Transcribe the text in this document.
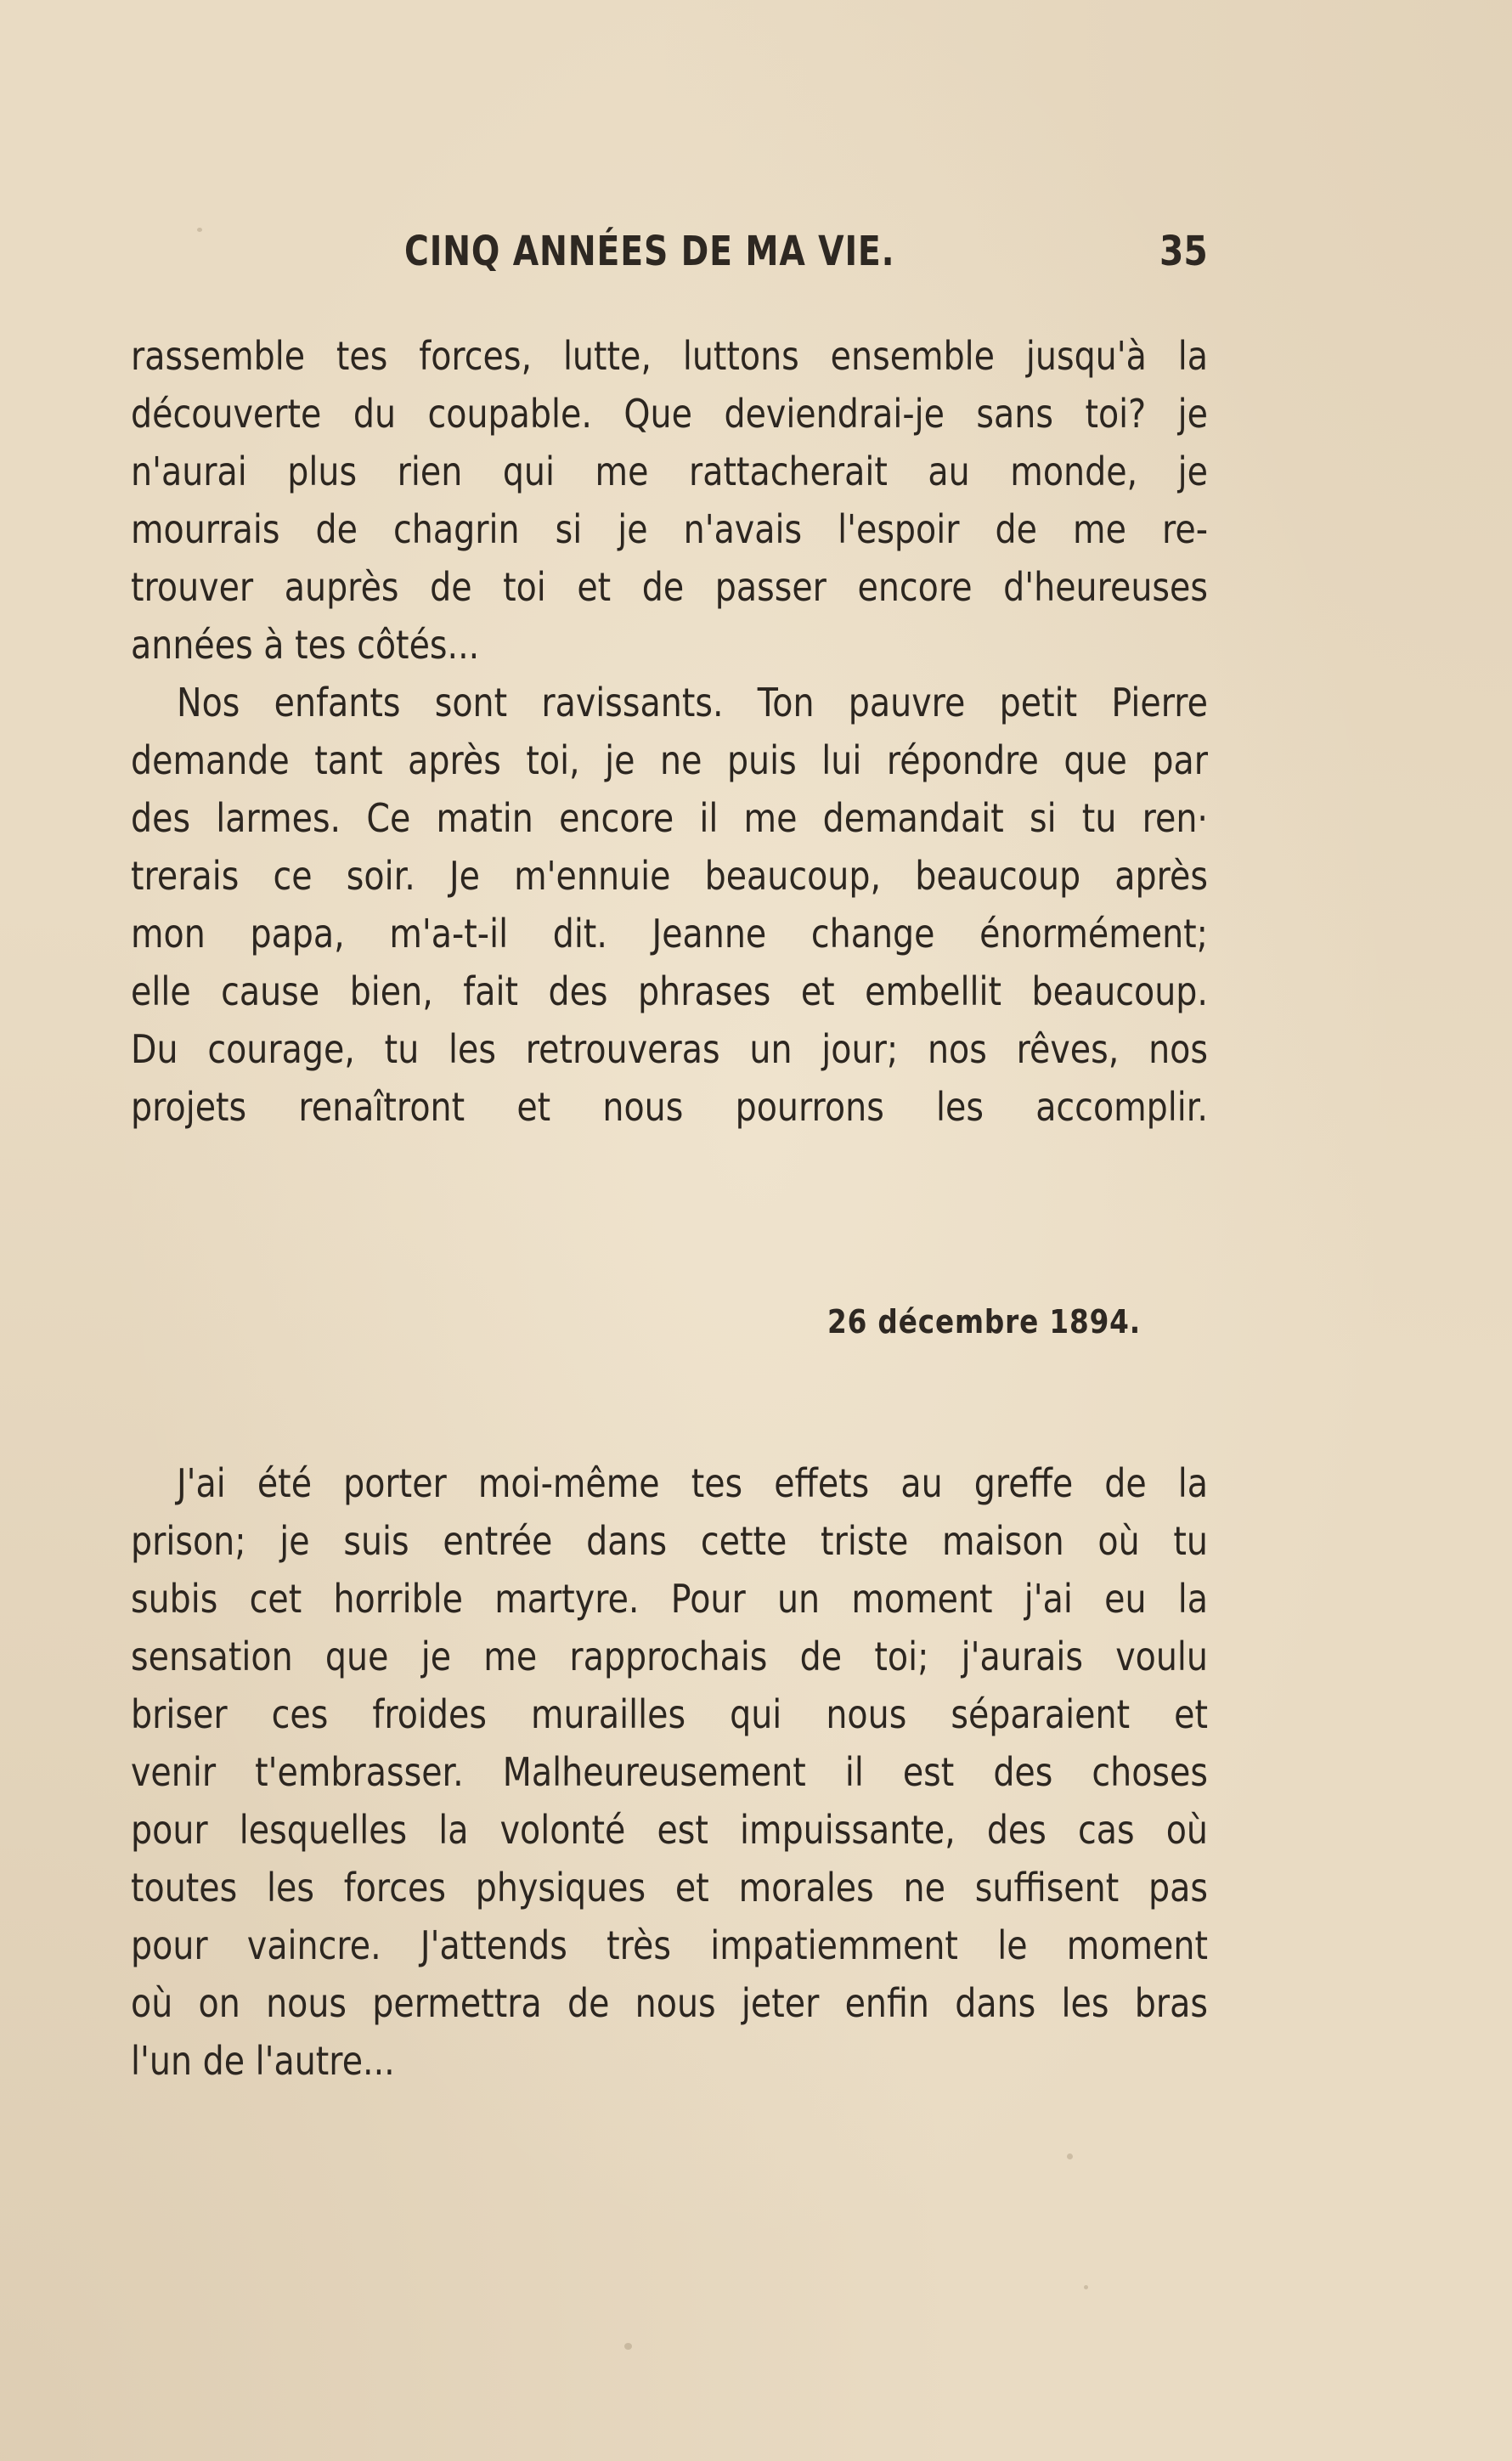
CINQ ANNÉES DE MA VIE.	35
rassemble tes forces, lutte, luttons ensemble jusqu'à la
découverte du coupable. Que deviendrai-je sans toi? je
n'aurai plus rien qui me rattacherait au monde, je
mourrais de chagrin si je n'avais l'espoir de me re-
trouver auprès de toi et de passer encore d'heureuses
années à tes côtés...
Nos enfants sont ravissants. Ton pauvre petit Pierre
demande tant après toi, je ne puis lui répondre que par
des larmes. Ce matin encore il me demandait si tu ren·
trerais ce soir. Je m'ennuie beaucoup, beaucoup après
mon papa, m'a-t-il dit. Jeanne change énormément;
elle cause bien, fait des phrases et embellit beaucoup.
Du courage, tu les retrouveras un jour; nos rêves, nos
projets renaîtront et nous pourrons les accomplir.
26 décembre 1894.
J'ai été porter moi-même tes effets au greffe de la
prison; je suis entrée dans cette triste maison où tu
subis cet horrible martyre. Pour un moment j'ai eu la
sensation que je me rapprochais de toi; j'aurais voulu
briser ces froides murailles qui nous séparaient et
venir t'embrasser. Malheureusement il est des choses
pour lesquelles la volonté est impuissante, des cas où
toutes les forces physiques et morales ne suffisent pas
pour vaincre. J'attends très impatiemment le moment
où on nous permettra de nous jeter enfin dans les bras
l'un de l'autre...
